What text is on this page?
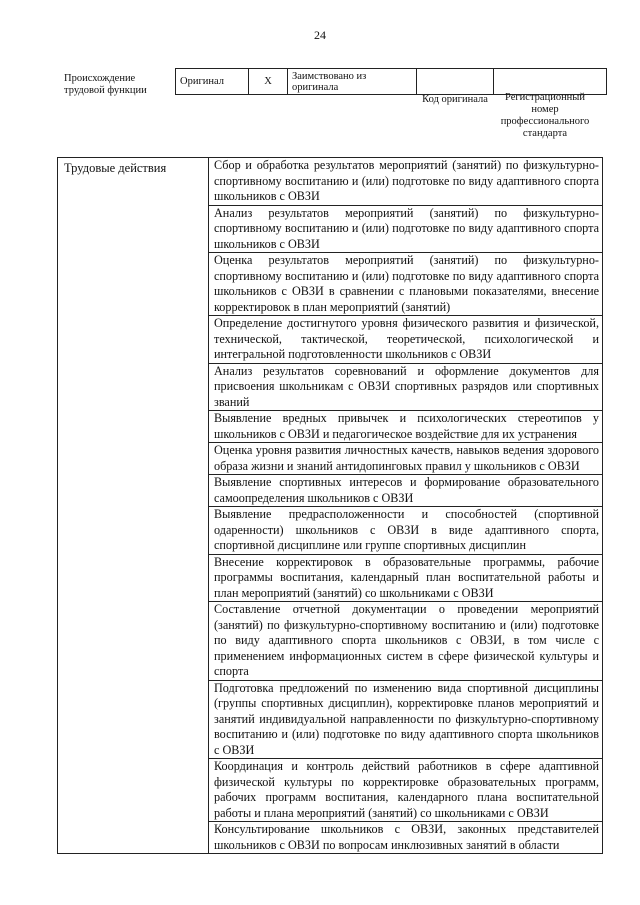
24
Происхождение трудовой функции
Оригинал	X	Заимствовано из оригинала		
Код оригинала	Регистрационный номер профессионального стандарта
Трудовые действия	Сбор и обработка результатов мероприятий (занятий) по физкультурно-спортивному воспитанию и (или) подготовке по виду адаптивного спорта школьников с ОВЗИ
Анализ результатов мероприятий (занятий) по физкультурно-спортивному воспитанию и (или) подготовке по виду адаптивного спорта школьников с ОВЗИ
Оценка результатов мероприятий (занятий) по физкультурно-спортивному воспитанию и (или) подготовке по виду адаптивного спорта школьников с ОВЗИ в сравнении с плановыми показателями, внесение корректировок в план мероприятий (занятий)
Определение достигнутого уровня физического развития и физической, технической, тактической, теоретической, психологической и интегральной подготовленности школьников с ОВЗИ
Анализ результатов соревнований и оформление документов для присвоения школьникам с ОВЗИ спортивных разрядов или спортивных званий
Выявление вредных привычек и психологических стереотипов у школьников с ОВЗИ и педагогическое воздействие для их устранения
Оценка уровня развития личностных качеств, навыков ведения здорового образа жизни и знаний антидопинговых правил у школьников с ОВЗИ
Выявление спортивных интересов и формирование образовательного самоопределения школьников с ОВЗИ
Выявление предрасположенности и способностей (спортивной одаренности) школьников с ОВЗИ в виде адаптивного спорта, спортивной дисциплине или группе спортивных дисциплин
Внесение корректировок в образовательные программы, рабочие программы воспитания, календарный план воспитательной работы и план мероприятий (занятий) со школьниками с ОВЗИ
Составление отчетной документации о проведении мероприятий (занятий) по физкультурно-спортивному воспитанию и (или) подготовке по виду адаптивного спорта школьников с ОВЗИ, в том числе с применением информационных систем в сфере физической культуры и спорта
Подготовка предложений по изменению вида спортивной дисциплины (группы спортивных дисциплин), корректировке планов мероприятий и занятий индивидуальной направленности по физкультурно-спортивному воспитанию и (или) подготовке по виду адаптивного спорта школьников с ОВЗИ
Координация и контроль действий работников в сфере адаптивной физической культуры по корректировке образовательных программ, рабочих программ воспитания, календарного плана воспитательной работы и плана мероприятий (занятий) со школьниками с ОВЗИ
Консультирование школьников с ОВЗИ, законных представителей школьников с ОВЗИ по вопросам инклюзивных занятий в области
